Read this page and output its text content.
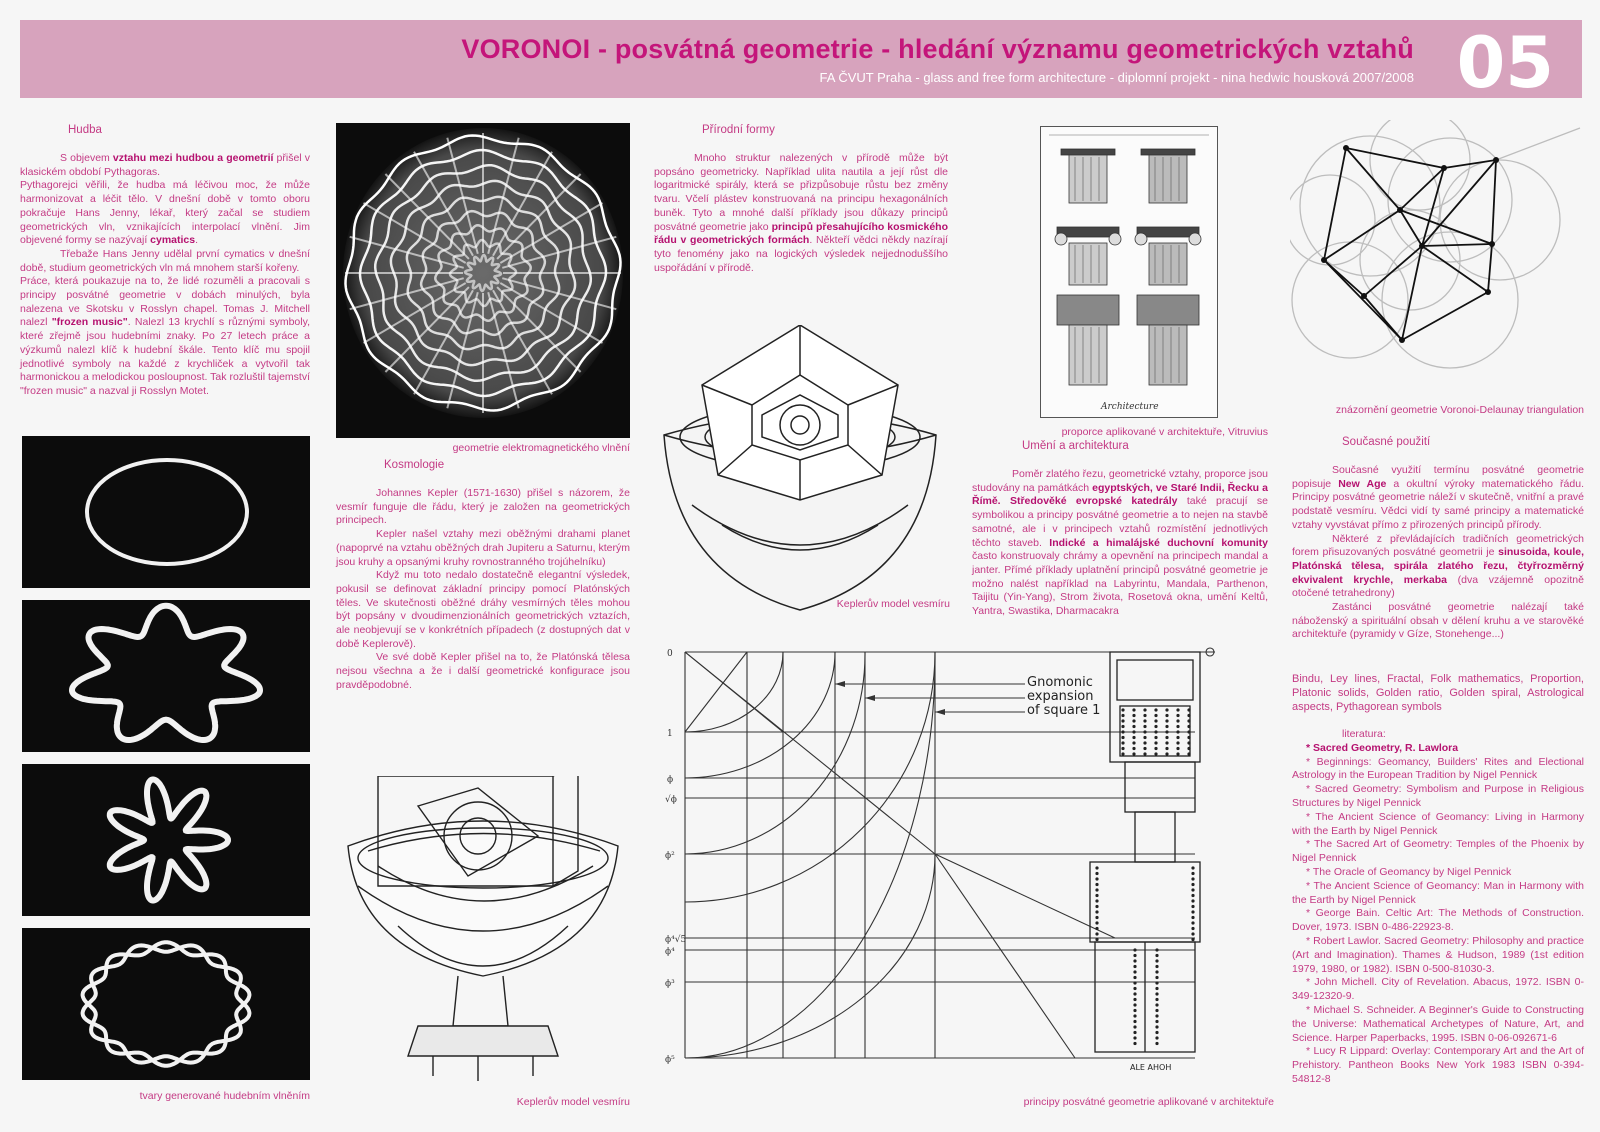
VORONOI - posvátná geometrie - hledání významu geometrických vztahů
FA ČVUT Praha - glass and free form architecture - diplomní projekt - nina hedwic housková 2007/2008 05
Hudba

S objevem vztahu mezi hudbou a geometrií přišel v klasickém období Pythagoras.

Pythagorejci věřili, že hudba má léčivou moc, že může harmonizovat a léčit tělo. V dnešní době v tomto oboru pokračuje Hans Jenny, lékař, který začal se studiem geometrických vln, vznikajících interpolací vlnění. Jim objevené formy se nazývají cymatics.

Třebaže Hans Jenny udělal první cymatics v dnešní době, studium geometrických vln má mnohem starší kořeny.

Práce, která poukazuje na to, že lidé rozuměli a pracovali s principy posvátné geometrie v dobách minulých, byla nalezena ve Skotsku v Rosslyn chapel. Tomas J. Mitchell nalezl "frozen music". Nalezl 13 krychlí s různými symboly, které zřejmě jsou hudebními znaky. Po 27 letech práce a výzkumů nalezl klíč k hudební škále. Tento klíč mu spojil jednotlivé symboly na každé z krychliček a vytvořil tak harmonickou a melodickou posloupnost. Tak rozluštil tajemství "frozen music" a nazval ji Rosslyn Motet.

tvary generované hudebním vlněním
geometrie elektromagnetického vlnění
Kosmologie

Johannes Kepler (1571-1630) přišel s názorem, že vesmír funguje dle řádu, který je založen na geometrických principech.

Kepler našel vztahy mezi oběžnými drahami planet (napoprvé na vztahu oběžných drah Jupiteru a Saturnu, kterým jsou kruhy a opsanými kruhy rovnostranného trojúhelníku)

Když mu toto nedalo dostatečně elegantní výsledek, pokusil se definovat základní principy pomocí Platónských těles. Ve skutečnosti oběžné dráhy vesmírných těles mohou být popsány v dvoudimenzionálních geometrických vztazích, ale neobjevují se v konkrétních případech (z dostupných dat v době Keplerově).

Ve své době Kepler přišel na to, že Platónská tělesa nejsou všechna a že i další geometrické konfigurace jsou pravděpodobné.

Keplerův model vesmíru
Přírodní formy

Mnoho struktur nalezených v přírodě může být popsáno geometricky. Například ulita nautila a její růst dle logaritmické spirály, která se přizpůsobuje růstu bez změny tvaru. Včelí plástev konstruovaná na principu hexagonálních buněk. Tyto a mnohé další příklady jsou důkazy principů posvátné geometrie jako principů přesahujícího kosmického řádu v geometrických formách. Někteří vědci někdy nazírají tyto fenomény jako na logických výsledek nejjednoduššího uspořádání v přírodě.

Keplerův model vesmíru
0
1
ϕ
√ϕ
ϕ²
ϕ⁴√5
ϕ⁴
ϕ³
ϕ⁵
Gnomonic
expansion
of square 1
ALE AHOH
principy posvátné geometrie aplikované v architektuře
Architecture
proporce aplikované v architektuře, Vitruvius
Umění a architektura

Poměr zlatého řezu, geometrické vztahy, proporce jsou studovány na památkách egyptských, ve Staré Indii, Řecku a Římě. Středověké evropské katedrály také pracují se symbolikou a principy posvátné geometrie a to nejen na stavbě samotné, ale i v principech vztahů rozmístění jednotlivých těchto staveb. Indické a himalájské duchovní komunity často konstruovaly chrámy a opevnění na principech mandal a janter. Přímé příklady uplatnění principů posvátné geometrie je možno nalést například na Labyrintu, Mandala, Parthenon, Taijitu (Yin-Yang), Strom života, Rosetová okna, umění Keltů, Yantra, Swastika, Dharmacakra

znázornění geometrie Voronoi-Delaunay triangulation
Současné použití

Současné využití termínu posvátné geometrie popisuje New Age a okultní výroky matematického řádu. Principy posvátné geometrie náleží v skutečně, vnitřní a pravé podstatě vesmíru. Vědci vidí ty samé principy a matematické vztahy vyvstávat přímo z přirozených principů přírody.

Některé z převládajících tradičních geometrických forem přisuzovaných posvátné geometrii je sinusoida, koule, Platónská tělesa, spirála zlatého řezu, čtyřrozměrný ekvivalent krychle, merkaba (dva vzájemně opozitně otočené tetrahedrony)

Zastánci posvátné geometrie nalézají také náboženský a spirituální obsah v dělení kruhu a ve starověké architektuře (pyramidy v Gíze, Stonehenge...)

Bindu, Ley lines, Fractal, Folk mathematics, Proportion, Platonic solids, Golden ratio, Golden spiral, Astrological aspects, Pythagorean symbols
literatura:
* Sacred Geometry, R. Lawlora
* Beginnings: Geomancy, Builders' Rites and Electional Astrology in the European Tradition by Nigel Pennick
* Sacred Geometry: Symbolism and Purpose in Religious Structures by Nigel Pennick
* The Ancient Science of Geomancy: Living in Harmony with the Earth by Nigel Pennick
* The Sacred Art of Geometry: Temples of the Phoenix by Nigel Pennick
* The Oracle of Geomancy by Nigel Pennick
* The Ancient Science of Geomancy: Man in Harmony with the Earth by Nigel Pennick
* George Bain. Celtic Art: The Methods of Construction. Dover, 1973. ISBN 0-486-22923-8.
* Robert Lawlor. Sacred Geometry: Philosophy and practice (Art and Imagination). Thames & Hudson, 1989 (1st edition 1979, 1980, or 1982). ISBN 0-500-81030-3.
* John Michell. City of Revelation. Abacus, 1972. ISBN 0-349-12320-9.
* Michael S. Schneider. A Beginner's Guide to Constructing the Universe: Mathematical Archetypes of Nature, Art, and Science. Harper Paperbacks, 1995. ISBN 0-06-092671-6
* Lucy R Lippard: Overlay: Contemporary Art and the Art of Prehistory. Pantheon Books New York 1983 ISBN 0-394-54812-8
